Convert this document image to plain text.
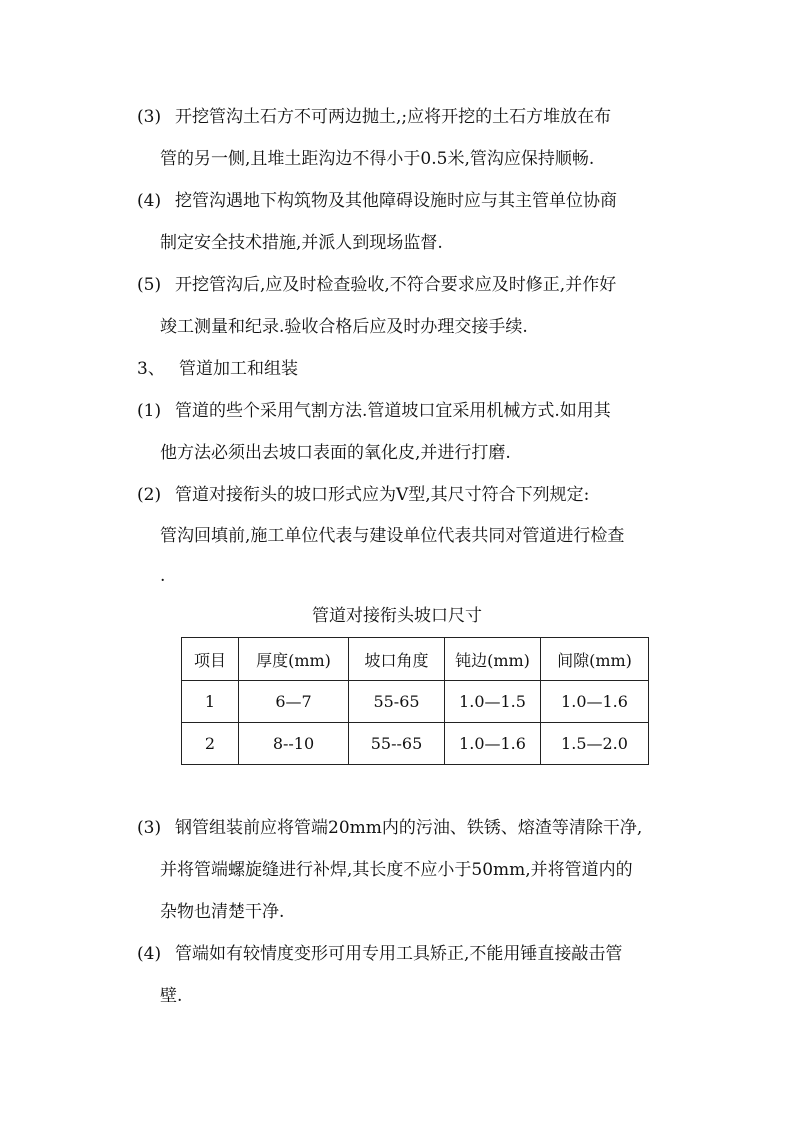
(3) 开挖管沟土石方不可两边抛土,;应将开挖的土石方堆放在布
管的另一侧,且堆土距沟边不得小于0.5米,管沟应保持顺畅.
(4) 挖管沟遇地下构筑物及其他障碍设施时应与其主管单位协商
制定安全技术措施,并派人到现场监督.
(5) 开挖管沟后,应及时检查验收,不符合要求应及时修正,并作好
竣工测量和纪录.验收合格后应及时办理交接手续.
3、 管道加工和组装
(1) 管道的些个采用气割方法.管道坡口宜采用机械方式.如用其
他方法必须出去坡口表面的氧化皮,并进行打磨.
(2) 管道对接衔头的坡口形式应为V型,其尺寸符合下列规定:
管沟回填前,施工单位代表与建设单位代表共同对管道进行检查
.
管道对接衔头坡口尺寸
项目	厚度(mm)	坡口角度	钝边(mm)	间隙(mm)
1	6—7	55-65	1.0—1.5	1.0—1.6
2	8--10	55--65	1.0—1.6	1.5—2.0
(3) 钢管组装前应将管端20mm内的污油、铁锈、熔渣等清除干净,
并将管端螺旋缝进行补焊,其长度不应小于50mm,并将管道内的
杂物也清楚干净.
(4) 管端如有较情度变形可用专用工具矫正,不能用锤直接敲击管
壁.
